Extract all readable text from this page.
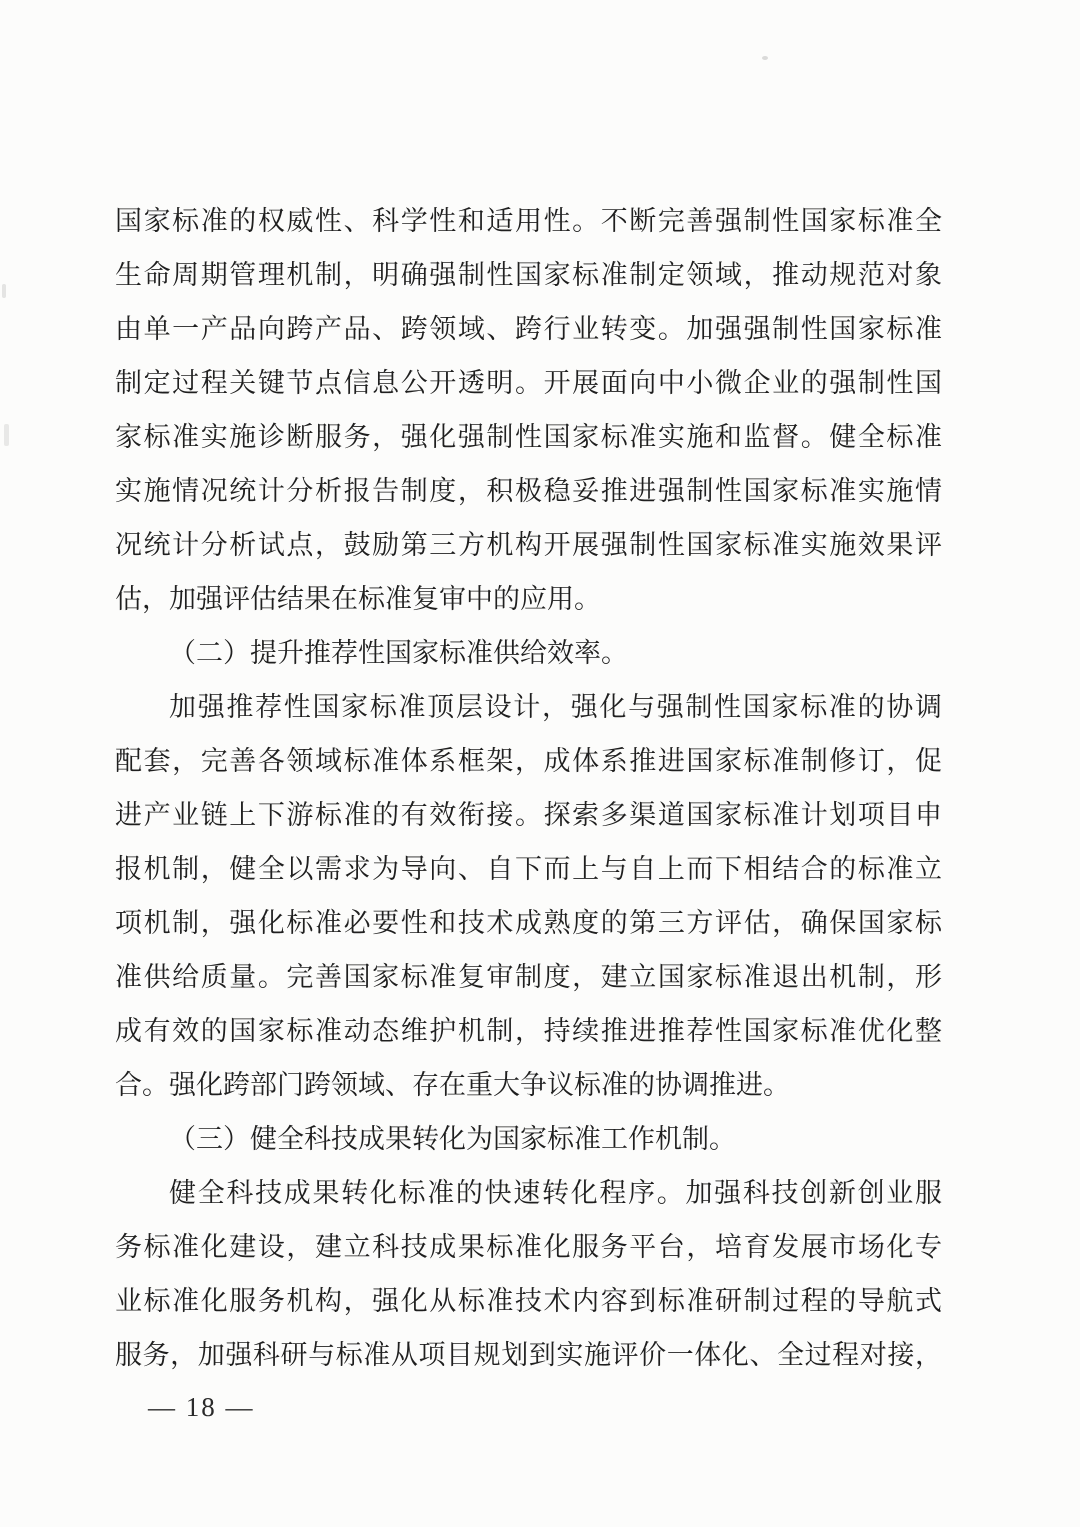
国家标准的权威性、科学性和适用性。不断完善强制性国家标准全
生命周期管理机制，明确强制性国家标准制定领域，推动规范对象
由单一产品向跨产品、跨领域、跨行业转变。加强强制性国家标准
制定过程关键节点信息公开透明。开展面向中小微企业的强制性国
家标准实施诊断服务，强化强制性国家标准实施和监督。健全标准
实施情况统计分析报告制度，积极稳妥推进强制性国家标准实施情
况统计分析试点，鼓励第三方机构开展强制性国家标准实施效果评
估，加强评估结果在标准复审中的应用。
（二）提升推荐性国家标准供给效率。
加强推荐性国家标准顶层设计，强化与强制性国家标准的协调
配套，完善各领域标准体系框架，成体系推进国家标准制修订，促
进产业链上下游标准的有效衔接。探索多渠道国家标准计划项目申
报机制，健全以需求为导向、自下而上与自上而下相结合的标准立
项机制，强化标准必要性和技术成熟度的第三方评估，确保国家标
准供给质量。完善国家标准复审制度，建立国家标准退出机制，形
成有效的国家标准动态维护机制，持续推进推荐性国家标准优化整
合。强化跨部门跨领域、存在重大争议标准的协调推进。
（三）健全科技成果转化为国家标准工作机制。
健全科技成果转化标准的快速转化程序。加强科技创新创业服
务标准化建设，建立科技成果标准化服务平台，培育发展市场化专
业标准化服务机构，强化从标准技术内容到标准研制过程的导航式
服务，加强科研与标准从项目规划到实施评价一体化、全过程对接，
— 18 —
